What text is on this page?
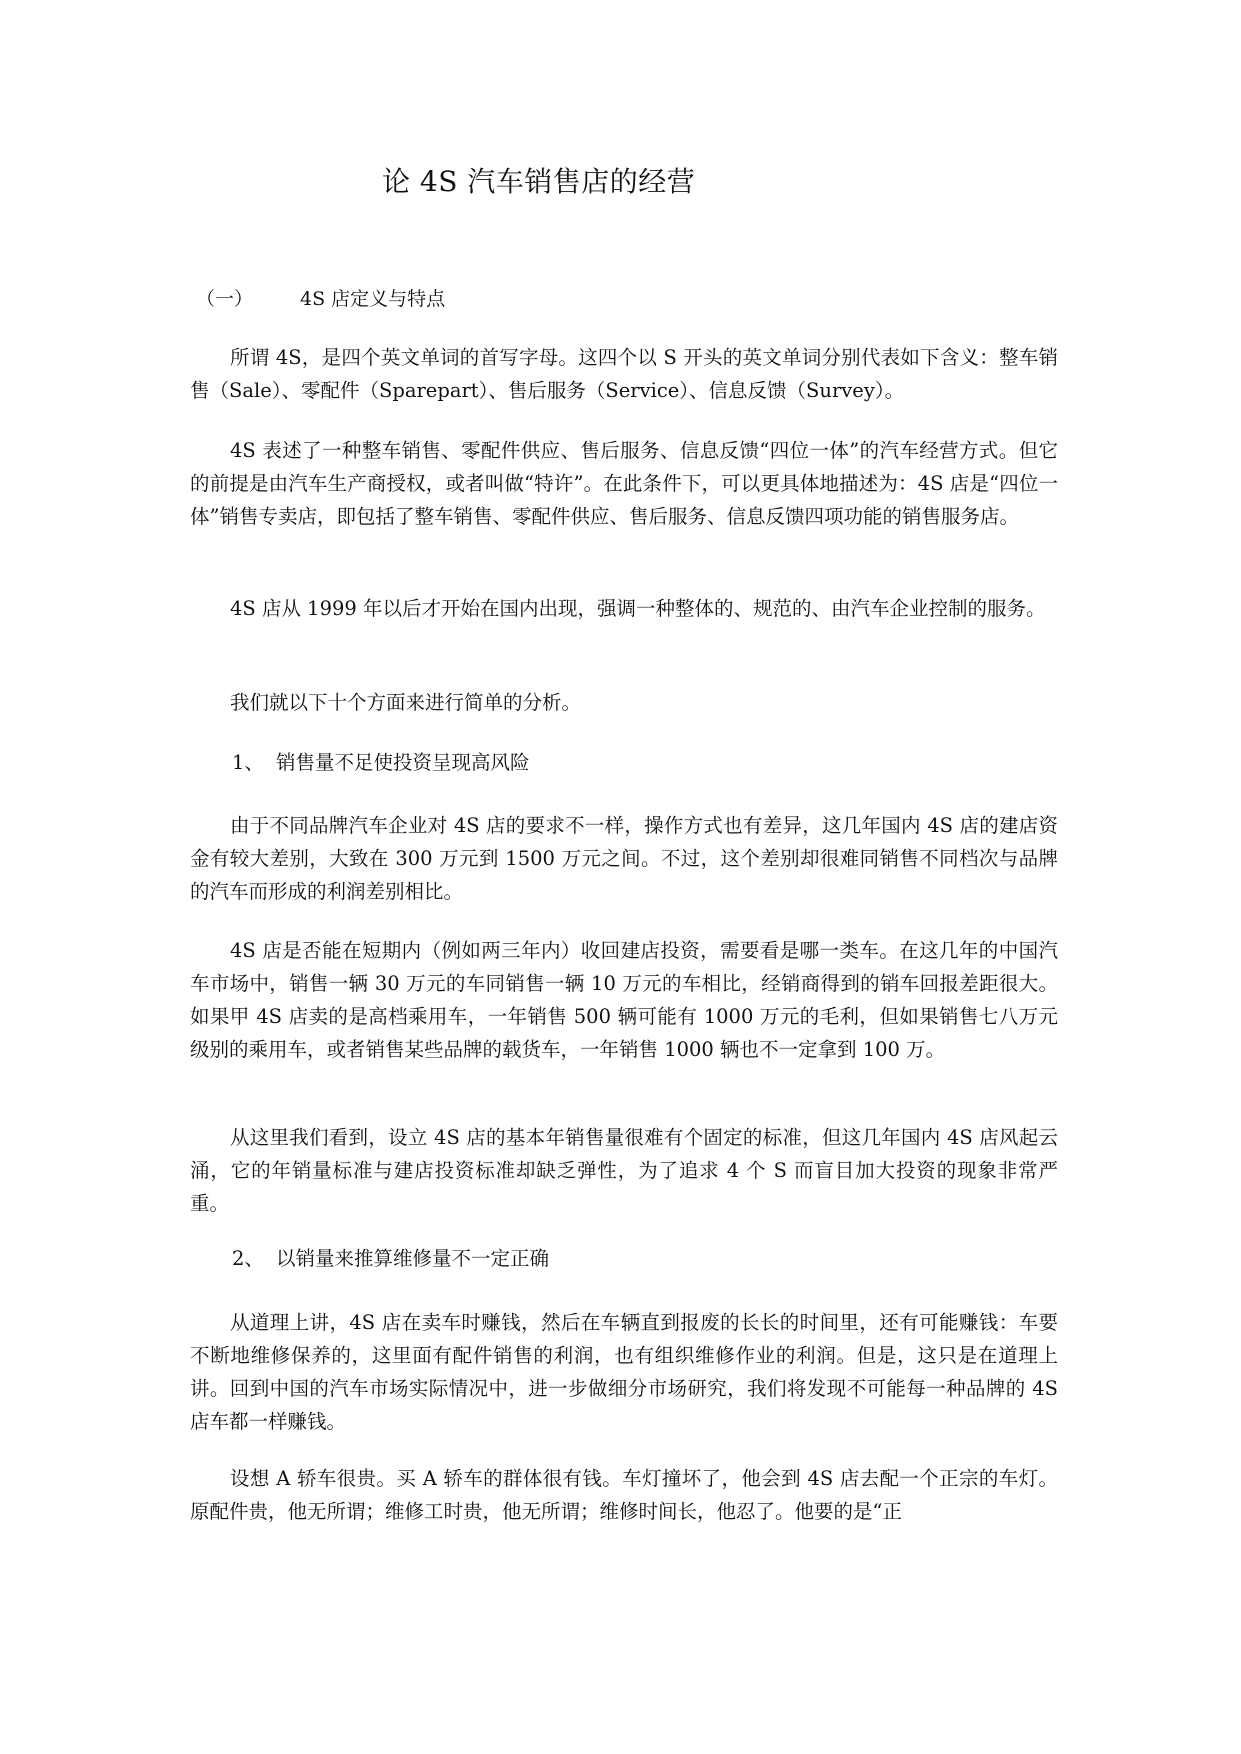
论 4S 汽车销售店的经营
（一） 4S 店定义与特点

所谓 4S，是四个英文单词的首写字母。这四个以 S 开头的英文单词分别代表如下含义：整车销售（Sale）、零配件（Sparepart）、售后服务（Service）、信息反馈（Survey）。

4S 表述了一种整车销售、零配件供应、售后服务、信息反馈“四位一体”的汽车经营方式。但它的前提是由汽车生产商授权，或者叫做“特许”。在此条件下，可以更具体地描述为：4S 店是“四位一体”销售专卖店，即包括了整车销售、零配件供应、售后服务、信息反馈四项功能的销售服务店。

4S 店从 1999 年以后才开始在国内出现，强调一种整体的、规范的、由汽车企业控制的服务。

我们就以下十个方面来进行简单的分析。

1、 销售量不足使投资呈现高风险

由于不同品牌汽车企业对 4S 店的要求不一样，操作方式也有差异，这几年国内 4S 店的建店资金有较大差别，大致在 300 万元到 1500 万元之间。不过，这个差别却很难同销售不同档次与品牌的汽车而形成的利润差别相比。

4S 店是否能在短期内（例如两三年内）收回建店投资，需要看是哪一类车。在这几年的中国汽车市场中，销售一辆 30 万元的车同销售一辆 10 万元的车相比，经销商得到的销车回报差距很大。如果甲 4S 店卖的是高档乘用车，一年销售 500 辆可能有 1000 万元的毛利，但如果销售七八万元级别的乘用车，或者销售某些品牌的载货车，一年销售 1000 辆也不一定拿到 100 万。

从这里我们看到，设立 4S 店的基本年销售量很难有个固定的标准，但这几年国内 4S 店风起云涌，它的年销量标准与建店投资标准却缺乏弹性，为了追求 4 个 S 而盲目加大投资的现象非常严重。

2、 以销量来推算维修量不一定正确

从道理上讲，4S 店在卖车时赚钱，然后在车辆直到报废的长长的时间里，还有可能赚钱：车要不断地维修保养的，这里面有配件销售的利润，也有组织维修作业的利润。但是，这只是在道理上讲。回到中国的汽车市场实际情况中，进一步做细分市场研究，我们将发现不可能每一种品牌的 4S 店车都一样赚钱。

设想 A 轿车很贵。买 A 轿车的群体很有钱。车灯撞坏了，他会到 4S 店去配一个正宗的车灯。原配件贵，他无所谓；维修工时贵，他无所谓；维修时间长，他忍了。他要的是“正
